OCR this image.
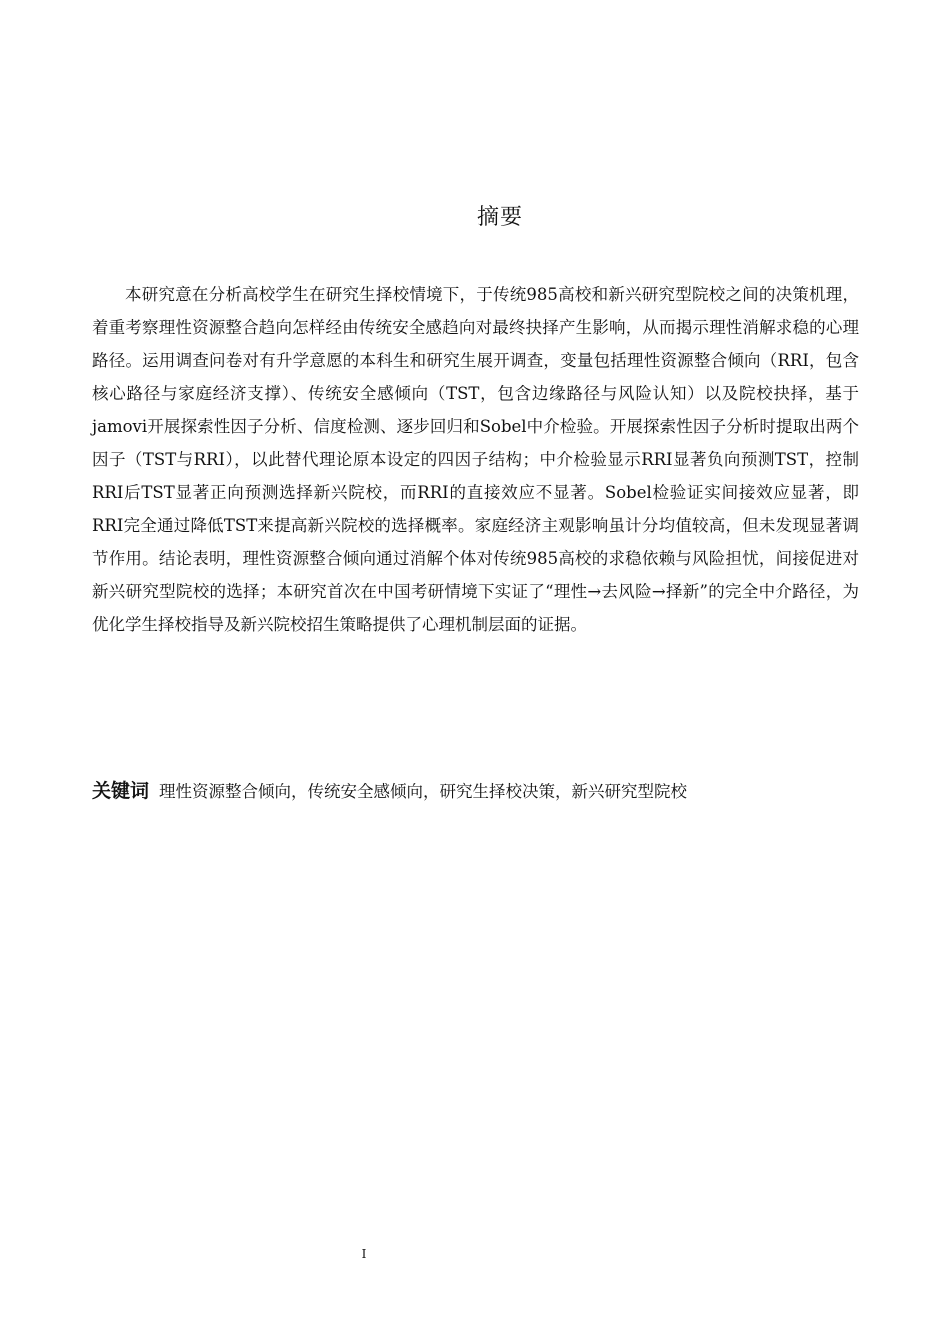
摘要

本研究意在分析高校学生在研究生择校情境下，于传统985高校和新兴研究型院校之间的决策机理，着重考察理性资源整合趋向怎样经由传统安全感趋向对最终抉择产生影响，从而揭示理性消解求稳的心理路径。运用调查问卷对有升学意愿的本科生和研究生展开调查，变量包括理性资源整合倾向（RRI，包含核心路径与家庭经济支撑）、传统安全感倾向（TST，包含边缘路径与风险认知）以及院校抉择，基于jamovi开展探索性因子分析、信度检测、逐步回归和Sobel中介检验。开展探索性因子分析时提取出两个因子（TST与RRI），以此替代理论原本设定的四因子结构；中介检验显示RRI显著负向预测TST，控制RRI后TST显著正向预测选择新兴院校，而RRI的直接效应不显著。Sobel检验证实间接效应显著，即RRI完全通过降低TST来提高新兴院校的选择概率。家庭经济主观影响虽计分均值较高，但未发现显著调节作用。结论表明，理性资源整合倾向通过消解个体对传统985高校的求稳依赖与风险担忧，间接促进对新兴研究型院校的选择；本研究首次在中国考研情境下实证了“理性→去风险→择新”的完全中介路径，为优化学生择校指导及新兴院校招生策略提供了心理机制层面的证据。

关键词 理性资源整合倾向，传统安全感倾向，研究生择校决策，新兴研究型院校

I
